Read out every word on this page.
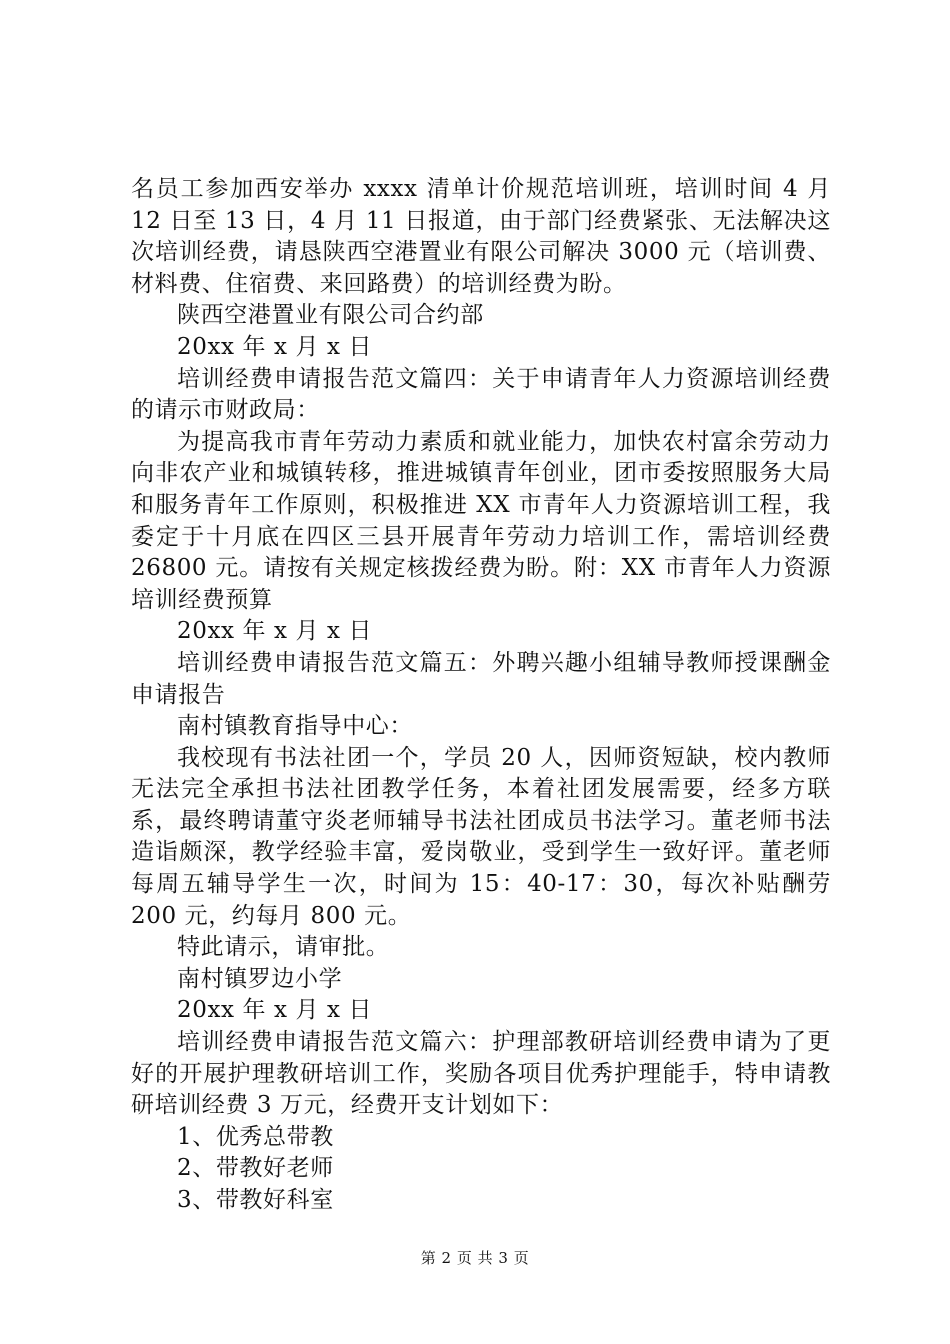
名员工参加西安举办 xxxx 清单计价规范培训班，培训时间 4 月 12 日至 13 日，4 月 11 日报道，由于部门经费紧张、无法解决这次培训经费，请恳陕西空港置业有限公司解决 3000 元（培训费、材料费、住宿费、来回路费）的培训经费为盼。

陕西空港置业有限公司合约部

20xx 年 x 月 x 日

培训经费申请报告范文篇四：关于申请青年人力资源培训经费的请示市财政局：

为提高我市青年劳动力素质和就业能力，加快农村富余劳动力向非农产业和城镇转移，推进城镇青年创业，团市委按照服务大局和服务青年工作原则，积极推进 XX 市青年人力资源培训工程，我委定于十月底在四区三县开展青年劳动力培训工作，需培训经费 26800 元。请按有关规定核拨经费为盼。附：XX 市青年人力资源培训经费预算

20xx 年 x 月 x 日

培训经费申请报告范文篇五：外聘兴趣小组辅导教师授课酬金申请报告

南村镇教育指导中心：

我校现有书法社团一个，学员 20 人，因师资短缺，校内教师无法完全承担书法社团教学任务，本着社团发展需要，经多方联系，最终聘请董守炎老师辅导书法社团成员书法学习。董老师书法造诣颇深，教学经验丰富，爱岗敬业，受到学生一致好评。董老师每周五辅导学生一次，时间为 15：40-17：30，每次补贴酬劳 200 元，约每月 800 元。

特此请示，请审批。

南村镇罗边小学

20xx 年 x 月 x 日

培训经费申请报告范文篇六：护理部教研培训经费申请为了更好的开展护理教研培训工作，奖励各项目优秀护理能手，特申请教研培训经费 3 万元，经费开支计划如下：

1、优秀总带教

2、带教好老师

3、带教好科室

第 2 页 共 3 页
